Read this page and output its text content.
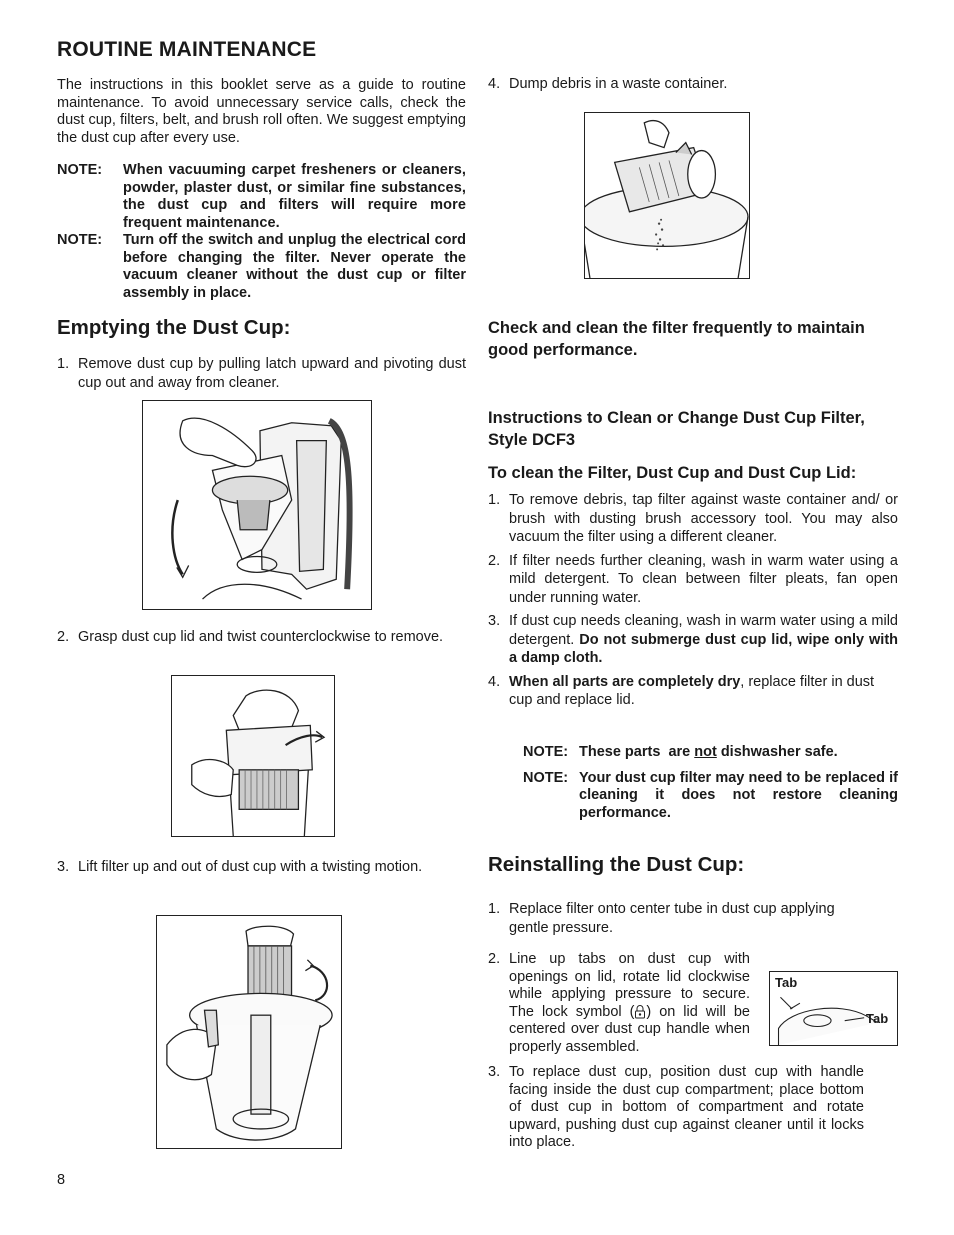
ROUTINE MAINTENANCE
The instructions in this booklet serve as a guide to routine maintenance. To avoid unnecessary service calls, check the dust cup, filters, belt, and brush roll often. We suggest emptying the dust cup after every use.
NOTE:	When vacuuming carpet fresheners or cleaners, powder, plaster dust, or similar fine substances, the dust cup and filters will require more frequent maintenance.
NOTE:	Turn off the switch and unplug the electrical cord before changing the filter. Never operate the vacuum cleaner without the dust cup or filter assembly in place.
Emptying the Dust Cup:
1. Remove dust cup by pulling latch upward and pivoting dust cup out and away from cleaner.
2. Grasp dust cup lid and twist counterclockwise to remove.
3. Lift filter up and out of dust cup with a twisting motion.
8
4. Dump debris in a waste container.
Check and clean the filter frequently to maintain good performance.
Instructions to Clean or Change Dust Cup Filter, Style DCF3
To clean the Filter, Dust Cup and Dust Cup Lid:
1. To remove debris, tap filter against waste container and/ or brush with dusting brush accessory tool. You may also vacuum the filter using a different cleaner.
2. If filter needs further cleaning, wash in warm water using a mild detergent. To clean between filter pleats, fan open under running water.
3. If dust cup needs cleaning, wash in warm water using a mild detergent. Do not submerge dust cup lid, wipe only with a damp cloth.
4. When all parts are completely dry, replace filter in dust cup and replace lid.
NOTE: These parts  are not dishwasher safe.
NOTE: Your dust cup filter may need to be replaced if cleaning it does not restore cleaning performance.
Reinstalling the Dust Cup:
1. Replace filter onto center tube in dust cup applying gentle pressure.
2. Line up tabs on dust cup with openings on lid, rotate lid clockwise while applying pressure to secure. The lock symbol ( ) on lid will be centered over dust cup handle when properly assembled.
Tab
Tab
3. To replace dust cup, position dust cup with handle facing inside the dust cup compartment; place bottom of dust cup in bottom of compartment and rotate upward, pushing dust cup against cleaner until it locks into place.
